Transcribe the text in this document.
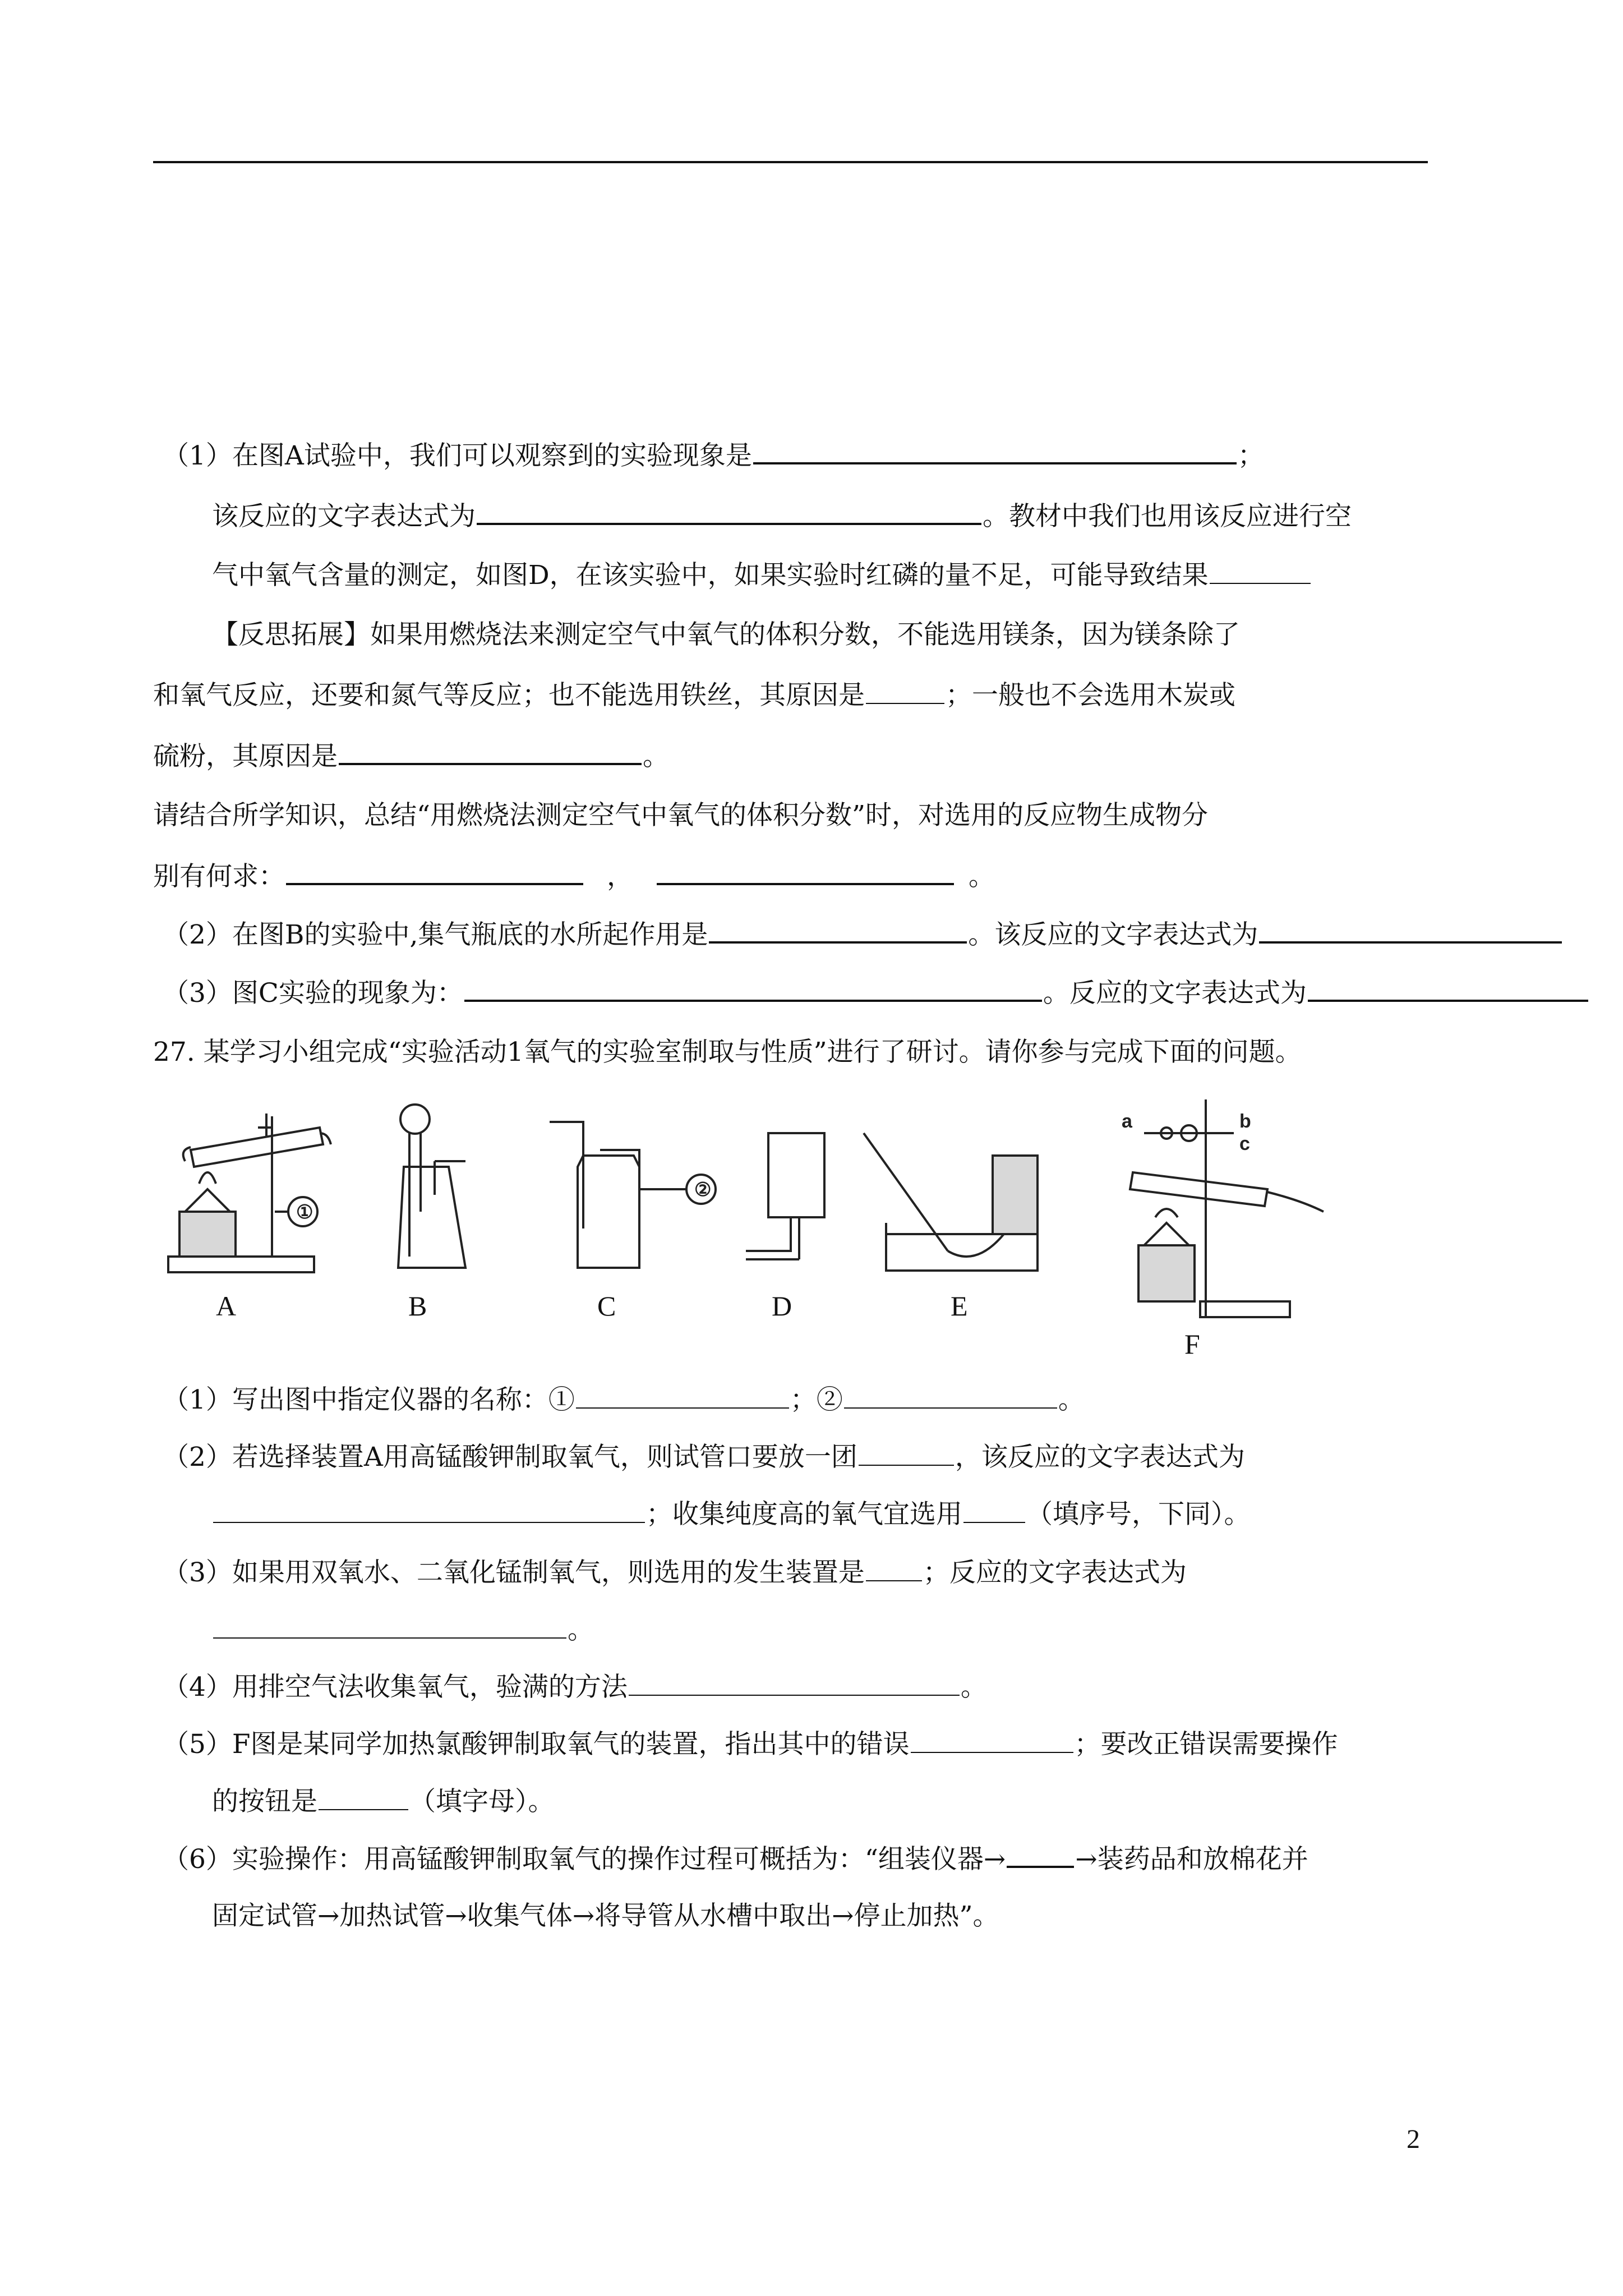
（1）在图A试验中，我们可以观察到的实验现象是	；
该反应的文字表达式为	。教材中我们也用该反应进行空
气中氧气含量的测定，如图D，在该实验中，如果实验时红磷的量不足，可能导致结果
【反思拓展】如果用燃烧法来测定空气中氧气的体积分数，不能选用镁条，因为镁条除了
和氧气反应，还要和氮气等反应；也不能选用铁丝，其原因是	；一般也不会选用木炭或
硫粉，其原因是	。
请结合所学知识，总结“用燃烧法测定空气中氧气的体积分数”时，对选用的反应物生成物分
别有何求：	，	。
（2）在图B的实验中,集气瓶底的水所起作用是	。该反应的文字表达式为
（3）图C实验的现象为：	。反应的文字表达式为
27. 某学习小组完成“实验活动1氧气的实验室制取与性质”进行了研讨。请你参与完成下面的问题。
①
A	B
②
C	D	E
a	b
c
F
（1）写出图中指定仪器的名称：①	；②	。
（2）若选择装置A用高锰酸钾制取氧气，则试管口要放一团	，该反应的文字表达式为
；收集纯度高的氧气宜选用 （填序号，下同）。
（3）如果用双氧水、二氧化锰制氧气，则选用的发生装置是 ；反应的文字表达式为
。
（4）用排空气法收集氧气，验满的方法	。
（5）F图是某同学加热氯酸钾制取氧气的装置，指出其中的错误	；要改正错误需要操作
的按钮是	（填字母）。
（6）实验操作：用高锰酸钾制取氧气的操作过程可概括为：“组装仪器→	→装药品和放棉花并
固定试管→加热试管→收集气体→将导管从水槽中取出→停止加热”。
2
